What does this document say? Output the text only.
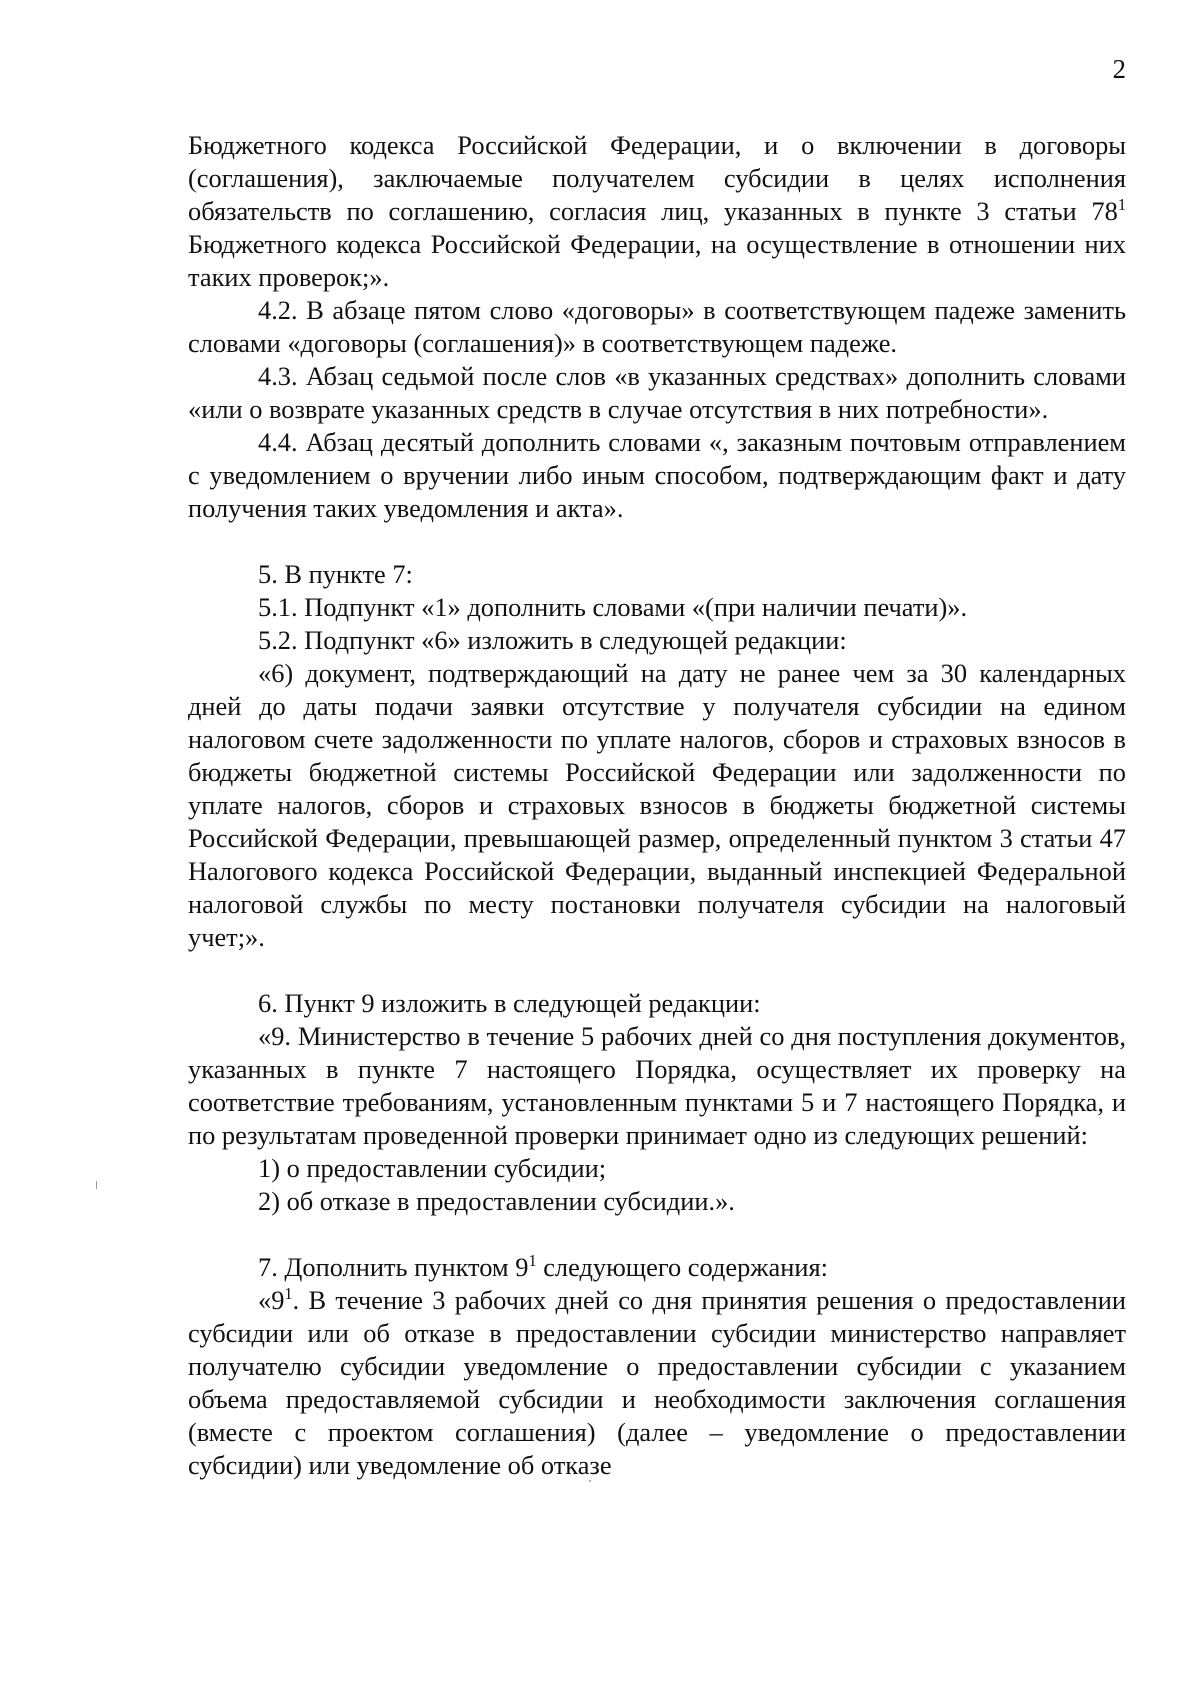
2

Бюджетного кодекса Российской Федерации, и о включении в договоры (соглашения), заключаемые получателем субсидии в целях исполнения обязательств по соглашению, согласия лиц, указанных в пункте 3 статьи $78^1$ Бюджетного кодекса Российской Федерации, на осуществление в отношении них таких проверок;».

4.2. В абзаце пятом слово «договоры» в соответствующем падеже заменить словами «договоры (соглашения)» в соответствующем падеже.

4.3. Абзац седьмой после слов «в указанных средствах» дополнить словами «или о возврате указанных средств в случае отсутствия в них потребности».

4.4. Абзац десятый дополнить словами «, заказным почтовым отправлением с уведомлением о вручении либо иным способом, подтверждающим факт и дату получения таких уведомления и акта».

5. В пункте 7:

5.1. Подпункт «1» дополнить словами «(при наличии печати)».

5.2. Подпункт «6» изложить в следующей редакции:

«6) документ, подтверждающий на дату не ранее чем за 30 календарных дней до даты подачи заявки отсутствие у получателя субсидии на едином налоговом счете задолженности по уплате налогов, сборов и страховых взносов в бюджеты бюджетной системы Российской Федерации или задолженности по уплате налогов, сборов и страховых взносов в бюджеты бюджетной системы Российской Федерации, превышающей размер, определенный пунктом 3 статьи 47 Налогового кодекса Российской Федерации, выданный инспекцией Федеральной налоговой службы по месту постановки получателя субсидии на налоговый учет;».

6. Пункт 9 изложить в следующей редакции:

«9. Министерство в течение 5 рабочих дней со дня поступления документов, указанных в пункте 7 настоящего Порядка, осуществляет их проверку на соответствие требованиям, установленным пунктами 5 и 7 настоящего Порядка, и по результатам проведенной проверки принимает одно из следующих решений:

1) о предоставлении субсидии;

2) об отказе в предоставлении субсидии.».

7. Дополнить пунктом $9^1$ следующего содержания:

«$9^1$. В течение 3 рабочих дней со дня принятия решения о предоставлении субсидии или об отказе в предоставлении субсидии министерство направляет получателю субсидии уведомление о предоставлении субсидии с указанием объема предоставляемой субсидии и необходимости заключения соглашения (вместе с проектом соглашения) (далее – уведомление о предоставлении субсидии) или уведомление об отказе
